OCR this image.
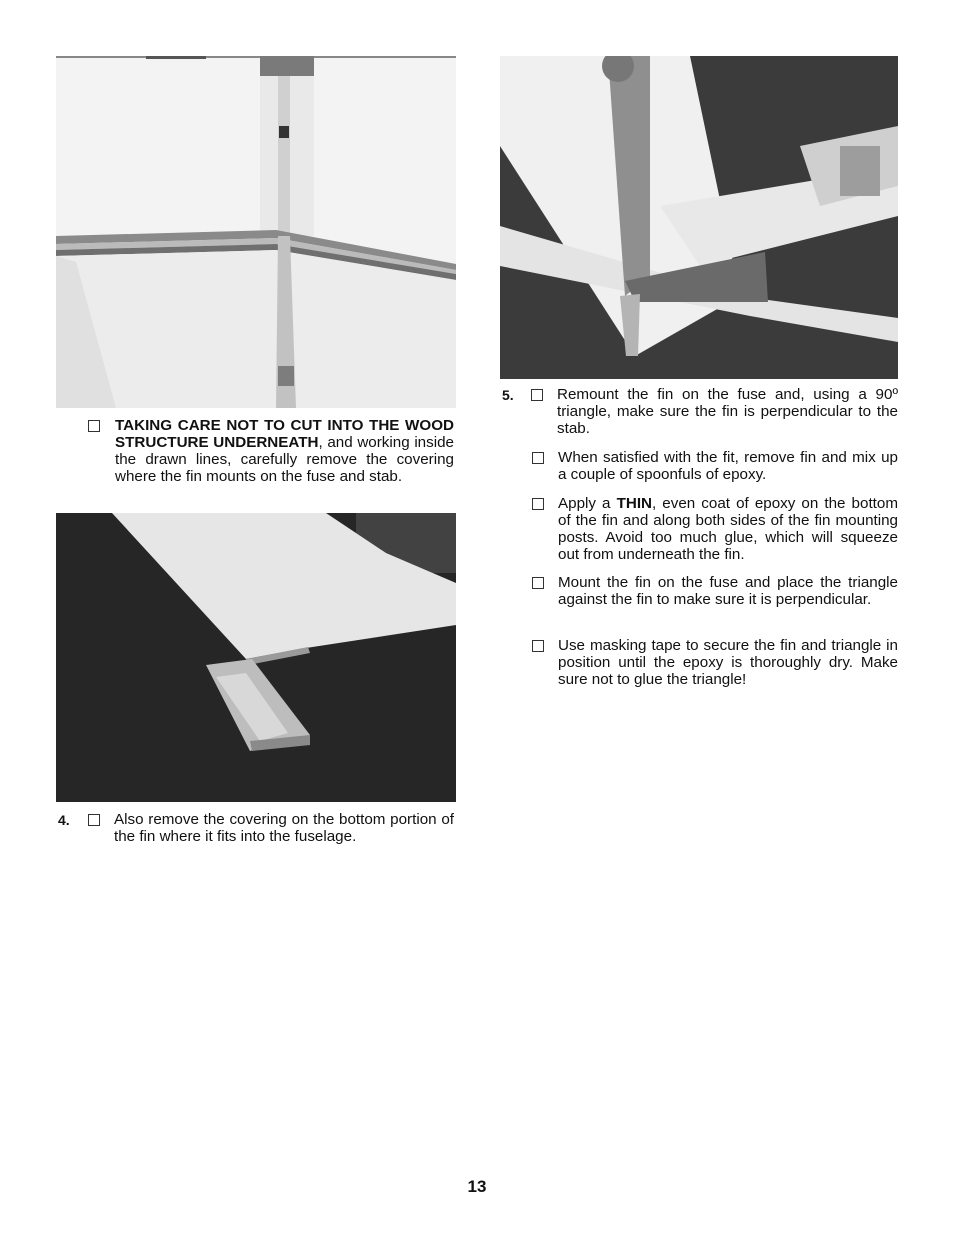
TAKING CARE NOT TO CUT INTO THE WOOD STRUCTURE UNDERNEATH, and working inside the drawn lines, carefully remove the covering where the fin mounts on the fuse and stab.
4.	Also remove the covering on the bottom portion of the fin where it fits into the fuselage.
5.	Remount the fin on the fuse and, using a 90º triangle, make sure the fin is perpendicular to the stab.
When satisfied with the fit, remove fin and mix up a couple of spoonfuls of epoxy.
Apply a THIN, even coat of epoxy on the bottom of the fin and along both sides of the fin mounting posts. Avoid too much glue, which will squeeze out from underneath the fin.
Mount the fin on the fuse and place the triangle against the fin to make sure it is perpendicular.
Use masking tape to secure the fin and triangle in position until the epoxy is thoroughly dry. Make sure not to glue the triangle!
13
